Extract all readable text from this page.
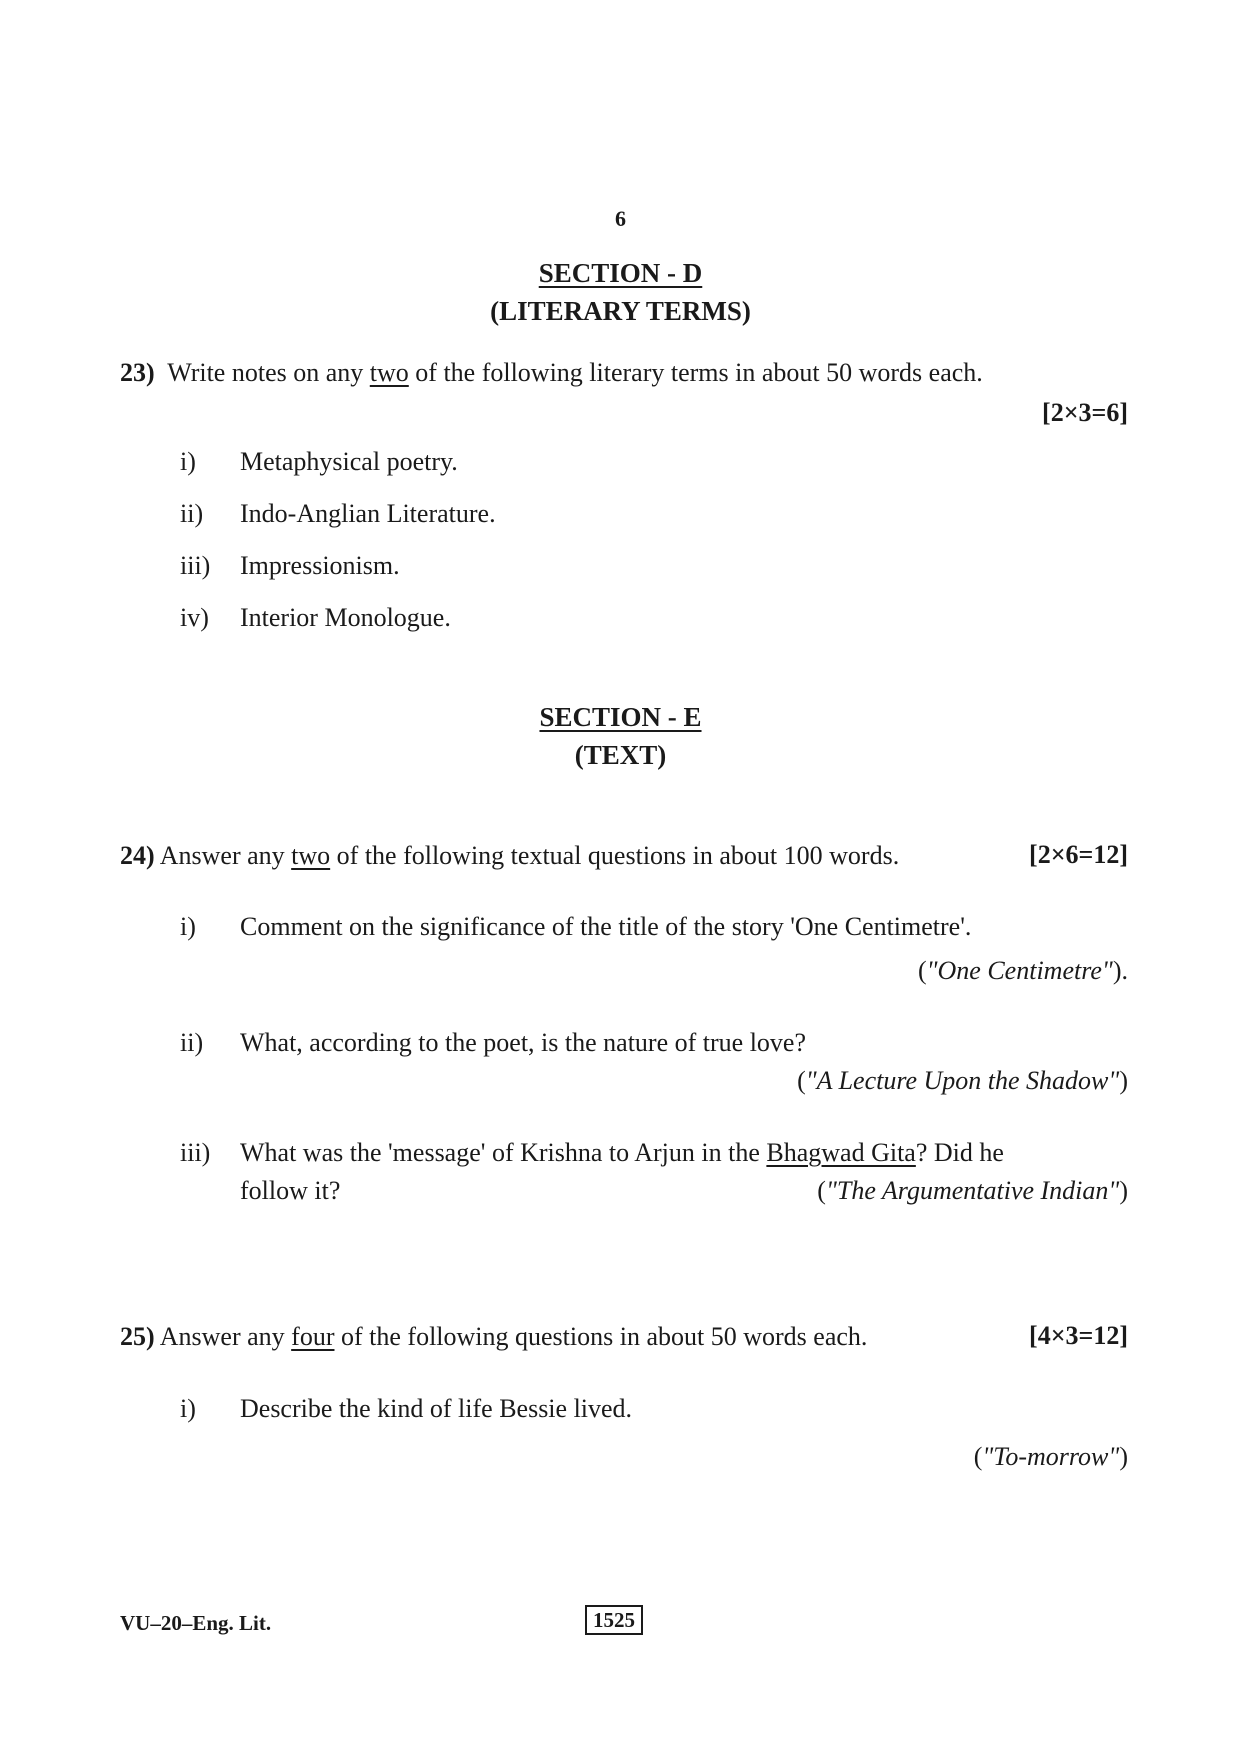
6
SECTION - D
(LITERARY TERMS)
23) Write notes on any two of the following literary terms in about 50 words each.
[2×3=6]
i) Metaphysical poetry.
ii) Indo-Anglian Literature.
iii) Impressionism.
iv) Interior Monologue.
SECTION - E
(TEXT)
24) Answer any two of the following textual questions in about 100 words.	[2×6=12]
i) Comment on the significance of the title of the story 'One Centimetre'.
("One Centimetre").
ii) What, according to the poet, is the nature of true love?
("A Lecture Upon the Shadow")
iii) What was the 'message' of Krishna to Arjun in the Bhagwad Gita? Did he
follow it?	("The Argumentative Indian")
25) Answer any four of the following questions in about 50 words each.	[4×3=12]
i) Describe the kind of life Bessie lived.
("To-morrow")
VU–20–Eng. Lit.	1525
